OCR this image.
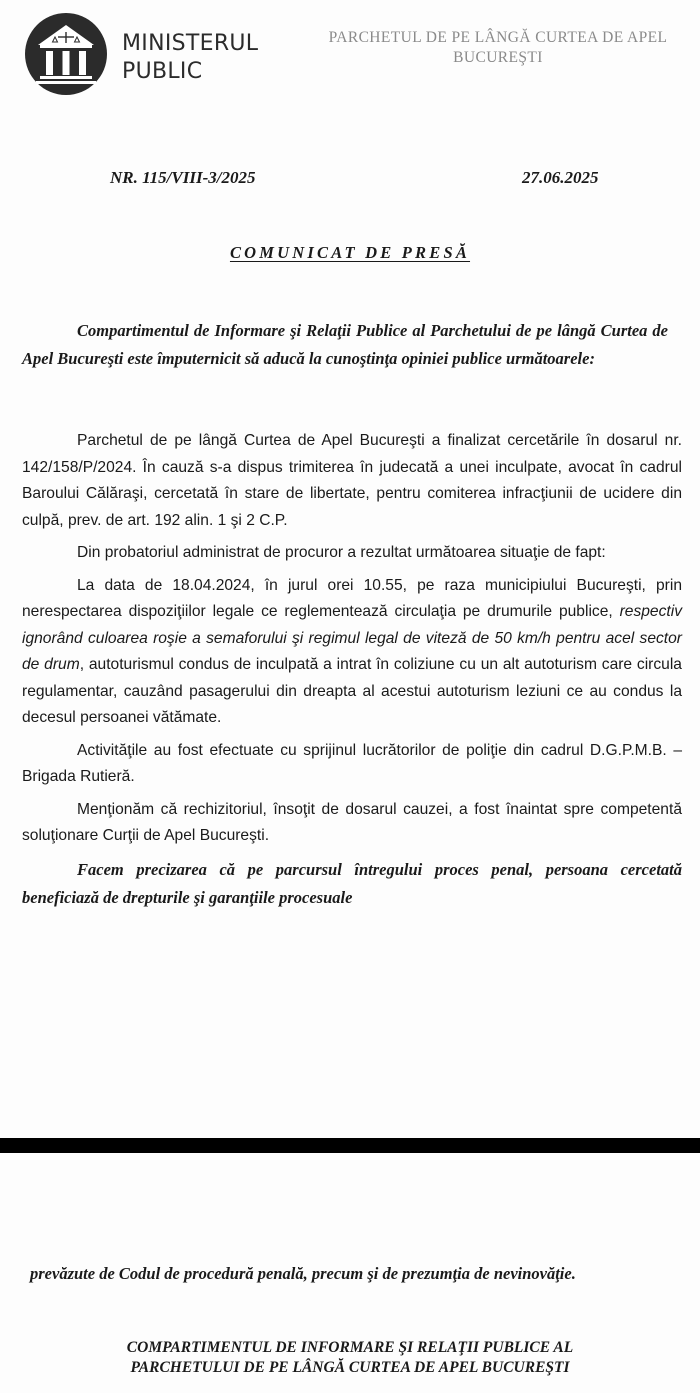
MINISTERUL
PUBLIC
PARCHETUL DE PE LÂNGĂ CURTEA DE APEL
BUCUREŞTI
NR. 115/VIII-3/2025	27.06.2025
COMUNICAT DE PRESĂ

Compartimentul de Informare şi Relaţii Publice al Parchetului de pe lângă Curtea de Apel Bucureşti este împuternicit să aducă la cunoştinţa opiniei publice următoarele:

Parchetul de pe lângă Curtea de Apel Bucureşti a finalizat cercetările în dosarul nr. 142/158/P/2024. În cauză s-a dispus trimiterea în judecată a unei inculpate, avocat în cadrul Baroului Călăraşi, cercetată în stare de libertate, pentru comiterea infracţiunii de ucidere din culpă, prev. de art. 192 alin. 1 şi 2 C.P.

Din probatoriul administrat de procuror a rezultat următoarea situaţie de fapt:

La data de 18.04.2024, în jurul orei 10.55, pe raza municipiului Bucureşti, prin nerespectarea dispoziţiilor legale ce reglementează circulaţia pe drumurile publice, respectiv ignorând culoarea roşie a semaforului şi regimul legal de viteză de 50 km/h pentru acel sector de drum, autoturismul condus de inculpată a intrat în coliziune cu un alt autoturism care circula regulamentar, cauzând pasagerului din dreapta al acestui autoturism leziuni ce au condus la decesul persoanei vătămate.

Activităţile au fost efectuate cu sprijinul lucrătorilor de poliţie din cadrul D.G.P.M.B. – Brigada Rutieră.

Menţionăm că rechizitoriul, însoţit de dosarul cauzei, a fost înaintat spre competentă soluţionare Curţii de Apel Bucureşti.

Facem precizarea că pe parcursul întregului proces penal, persoana cercetată beneficiază de drepturile şi garanţiile procesuale

prevăzute de Codul de procedură penală, precum şi de prezumţia de nevinovăţie.

COMPARTIMENTUL DE INFORMARE ŞI RELAŢII PUBLICE AL
PARCHETULUI DE PE LÂNGĂ CURTEA DE APEL BUCUREŞTI
